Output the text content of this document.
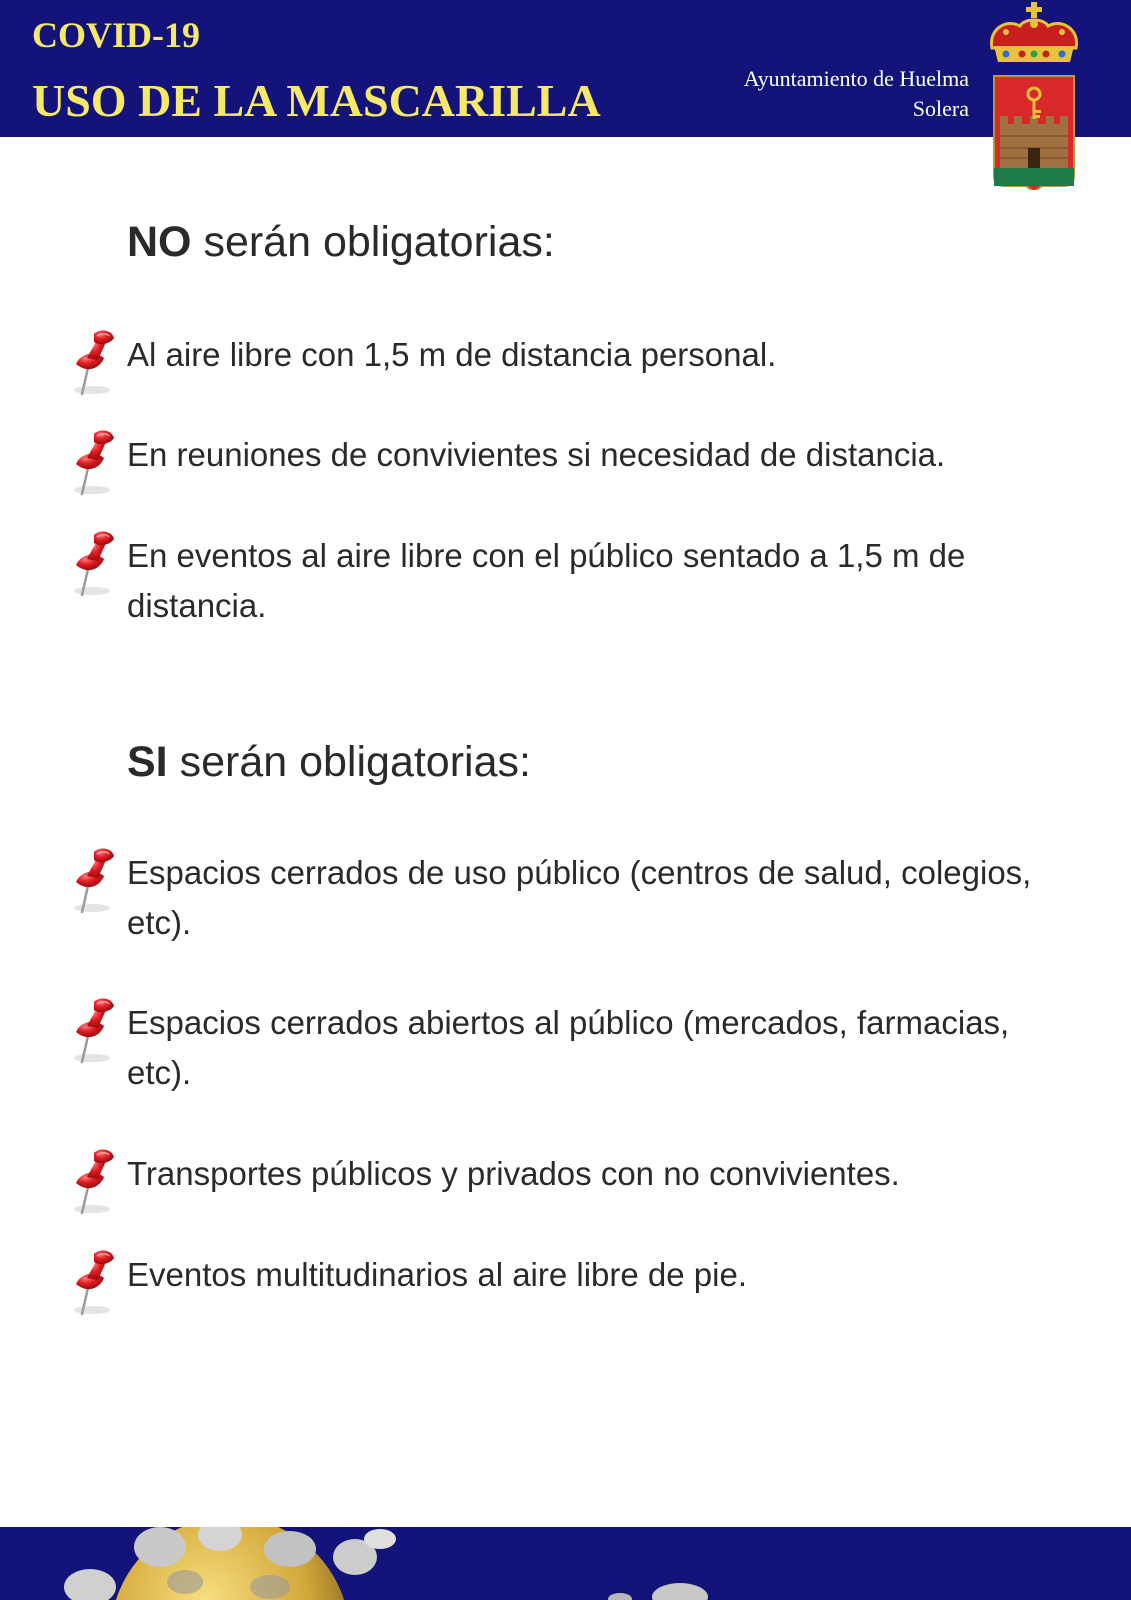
COVID-19
USO DE LA MASCARILLA	Ayuntamiento de Huelma
Solera
NO serán obligatorias:
Al aire libre con 1,5 m de distancia personal.
En reuniones de convivientes si necesidad de distancia.
En eventos al aire libre con el público sentado a 1,5 m de distancia.
SI serán obligatorias:
Espacios cerrados de uso público (centros de salud, colegios, etc).
Espacios cerrados abiertos al público (mercados, farmacias, etc).
Transportes públicos y privados con no convivientes.
Eventos multitudinarios al aire libre de pie.
